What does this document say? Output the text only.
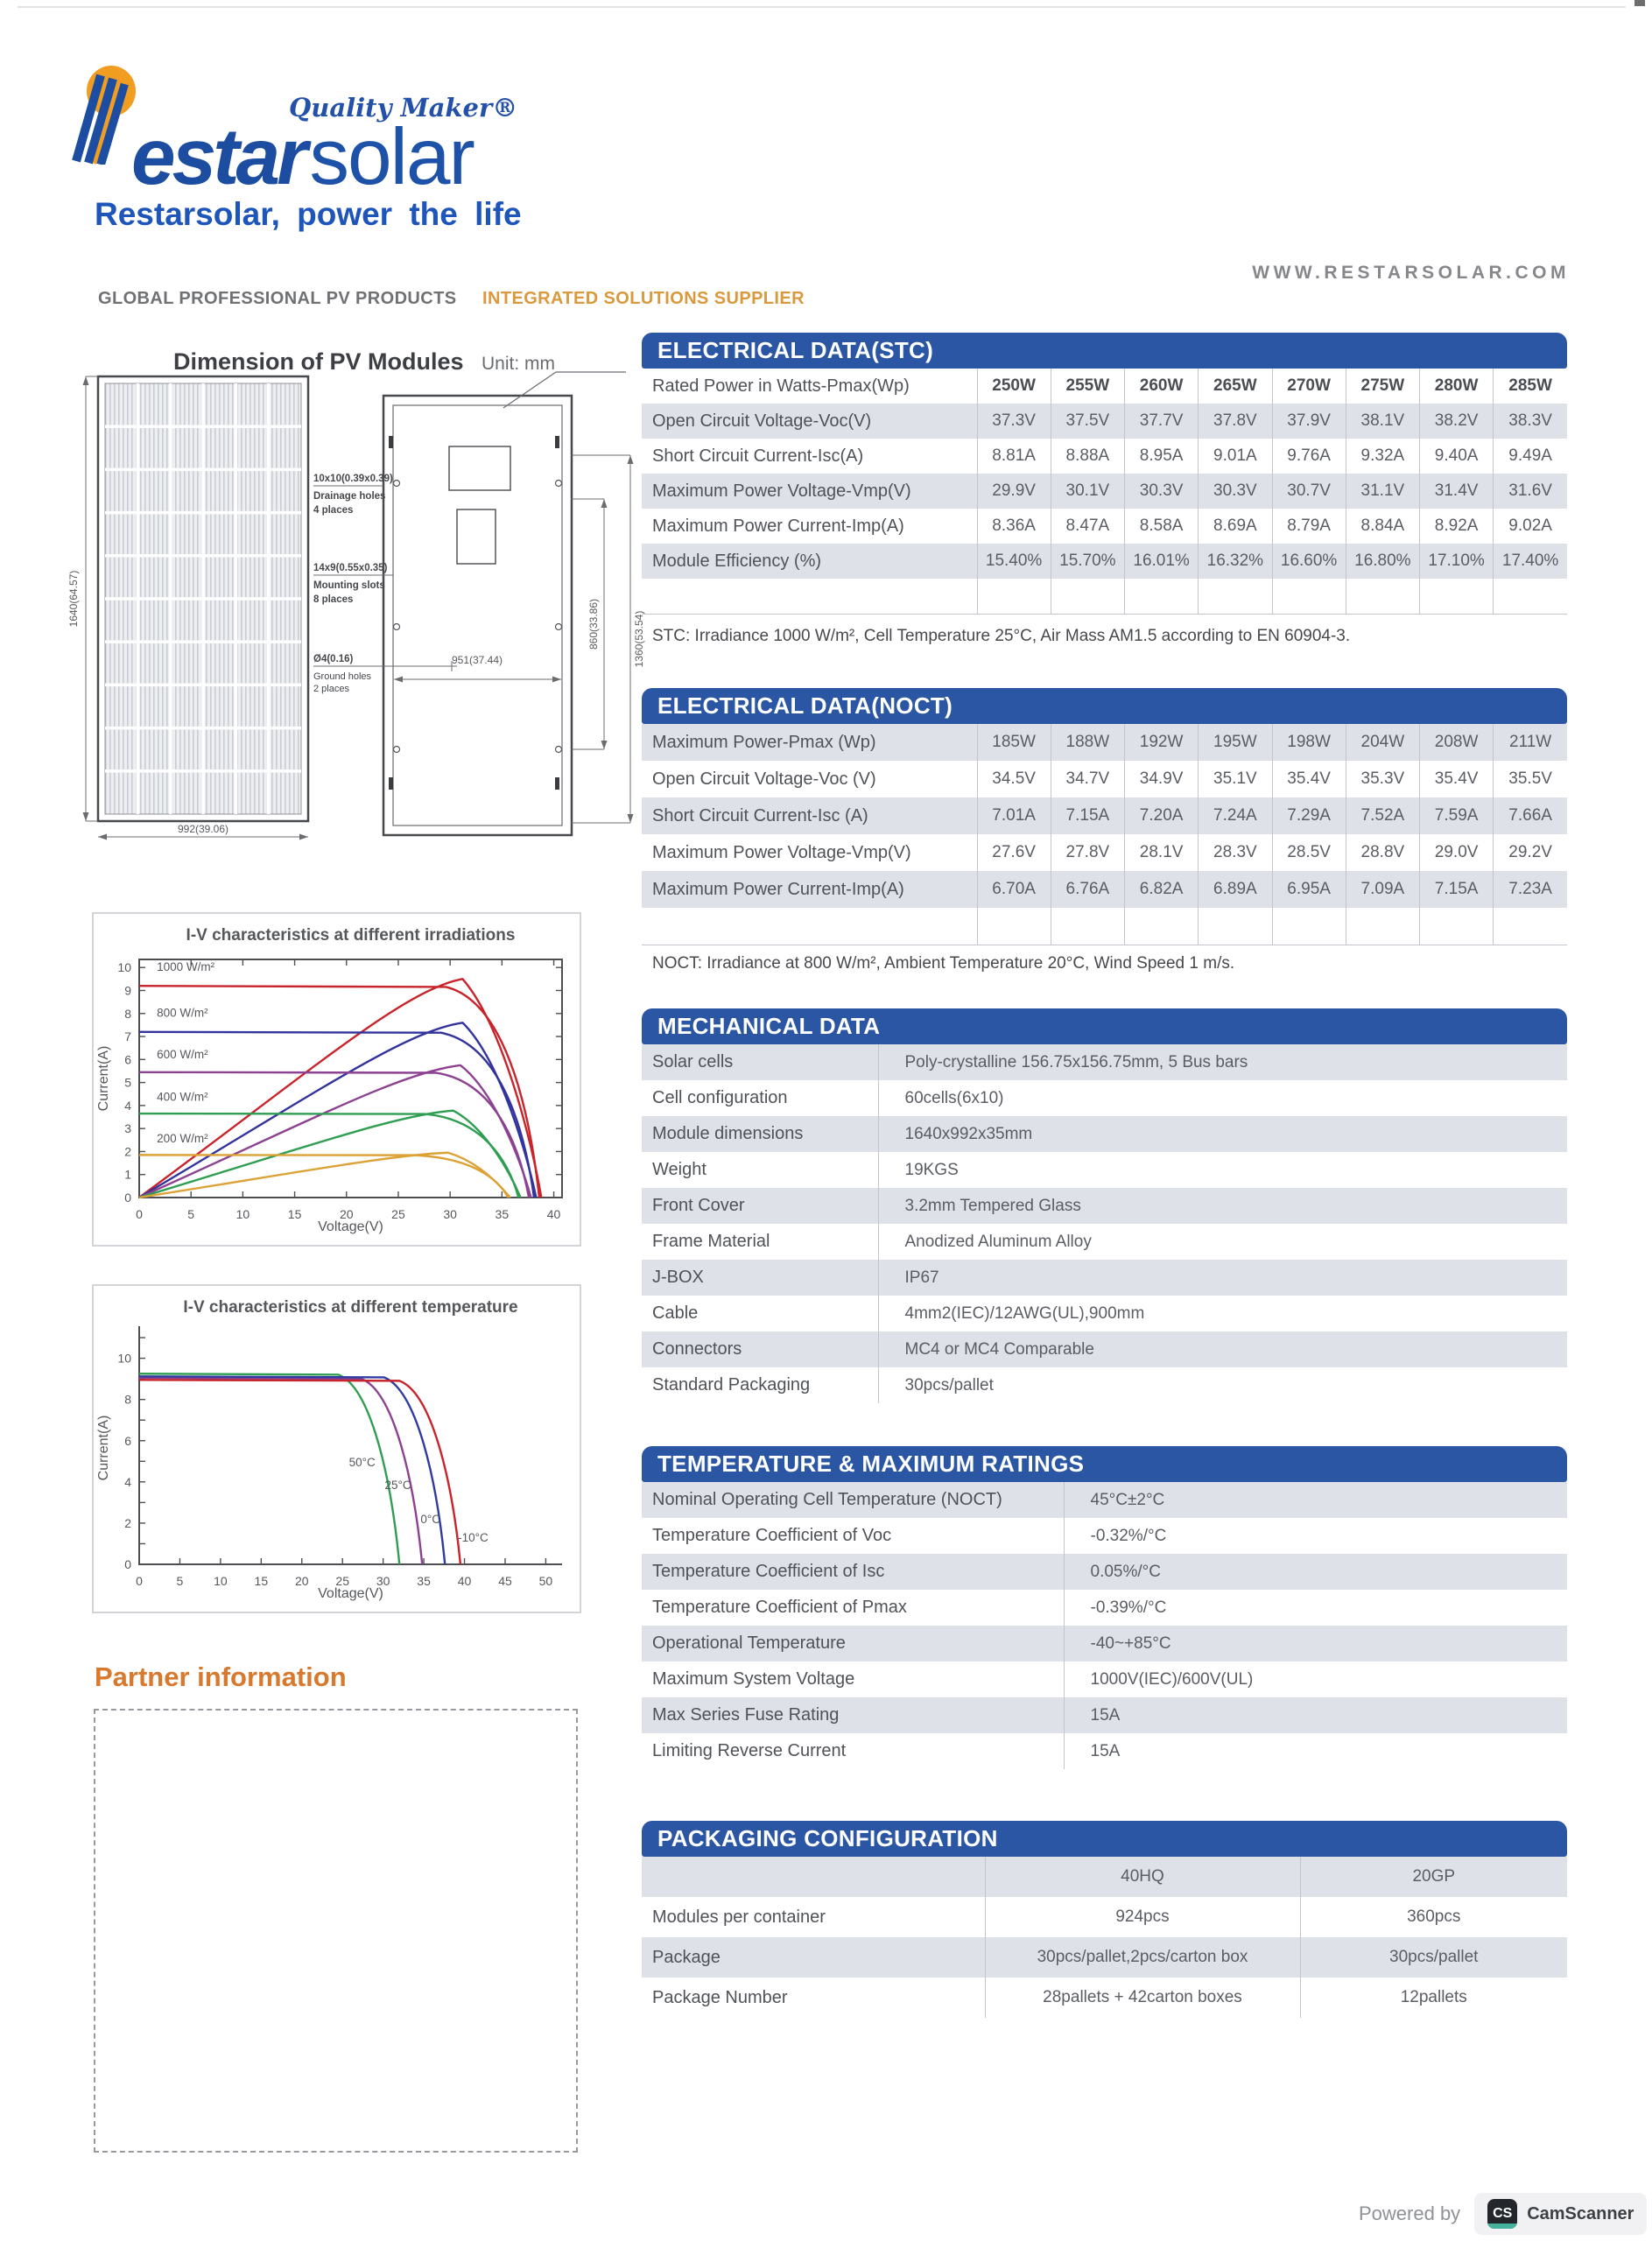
Quality Maker®
estarsolar
Restarsolar, power the life
WWW.RESTARSOLAR.COM
GLOBAL PROFESSIONAL PV PRODUCTS INTEGRATED SOLUTIONS SUPPLIER
Dimension of PV Modules Unit: mm
1640(64.57)
992(39.06)
10x10(0.39x0.39)
Drainage holes
4 places
14x9(0.55x0.35)
Mounting slots
8 places
Ø4(0.16)
Ground holes
2 places
951(37.44)
860(33.86)	1360(53.54)
I-V characteristics at different irradiations
0	5	10	15	20	25	30	35	40
0
1
2
3
4
5
6
7
8
9
10
Voltage(V)
Current(A)
1000 W/m²
800 W/m²
600 W/m²
400 W/m²
200 W/m²
I-V characteristics at different temperature
0	5 10 15 20 25 30 35 40 45 50
0
2
4
6
8
10
Voltage(V)
Current(A)	50°C
25°C
0°C
-10°C
Partner information
ELECTRICAL DATA(STC)
Rated Power in Watts-Pmax(Wp)	250W	255W	260W	265W	270W	275W	280W	285W
Open Circuit Voltage-Voc(V)	37.3V	37.5V	37.7V	37.8V	37.9V	38.1V	38.2V	38.3V
Short Circuit Current-Isc(A)	8.81A	8.88A	8.95A	9.01A	9.76A	9.32A	9.40A	9.49A
Maximum Power Voltage-Vmp(V)	29.9V	30.1V	30.3V	30.3V	30.7V	31.1V	31.4V	31.6V
Maximum Power Current-Imp(A)	8.36A	8.47A	8.58A	8.69A	8.79A	8.84A	8.92A	9.02A
Module Efficiency (%)	15.40%	15.70%	16.01%	16.32%	16.60%	16.80%	17.10%	17.40%

STC: Irradiance 1000 W/m², Cell Temperature 25°C, Air Mass AM1.5 according to EN 60904-3.

ELECTRICAL DATA(NOCT)
Maximum Power-Pmax (Wp)	185W	188W	192W	195W	198W	204W	208W	211W
Open Circuit Voltage-Voc (V)	34.5V	34.7V	34.9V	35.1V	35.4V	35.3V	35.4V	35.5V
Short Circuit Current-Isc (A)	7.01A	7.15A	7.20A	7.24A	7.29A	7.52A	7.59A	7.66A
Maximum Power Voltage-Vmp(V)	27.6V	27.8V	28.1V	28.3V	28.5V	28.8V	29.0V	29.2V
Maximum Power Current-Imp(A)	6.70A	6.76A	6.82A	6.89A	6.95A	7.09A	7.15A	7.23A

NOCT: Irradiance at 800 W/m², Ambient Temperature 20°C, Wind Speed 1 m/s.

MECHANICAL DATA
Solar cells	Poly-crystalline 156.75x156.75mm, 5 Bus bars
Cell configuration	60cells(6x10)
Module dimensions	1640x992x35mm
Weight	19KGS
Front Cover	3.2mm Tempered Glass
Frame Material	Anodized Aluminum Alloy
J-BOX	IP67
Cable	4mm2(IEC)/12AWG(UL),900mm
Connectors	MC4 or MC4 Comparable
Standard Packaging	30pcs/pallet
TEMPERATURE & MAXIMUM RATINGS
Nominal Operating Cell Temperature (NOCT)	45°C±2°C
Temperature Coefficient of Voc	-0.32%/°C
Temperature Coefficient of Isc	0.05%/°C
Temperature Coefficient of Pmax	-0.39%/°C
Operational Temperature	-40~+85°C
Maximum System Voltage	1000V(IEC)/600V(UL)
Max Series Fuse Rating	15A
Limiting Reverse Current	15A
PACKAGING CONFIGURATION
	40HQ	20GP
Modules per container	924pcs	360pcs
Package	30pcs/pallet,2pcs/carton box	30pcs/pallet
Package Number	28pallets + 42carton boxes	12pallets
Powered by	CS CamScanner
